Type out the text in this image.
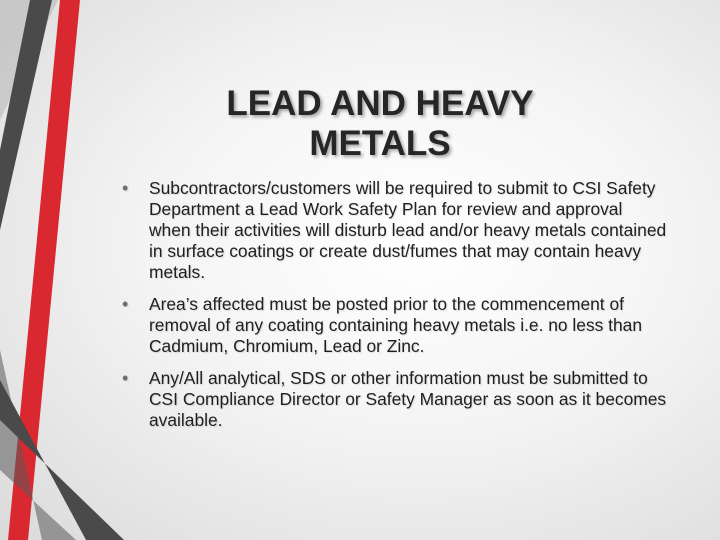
LEAD AND HEAVY METALS
• Subcontractors/customers will be required to submit to CSI Safety Department a Lead Work Safety Plan for review and approval when their activities will disturb lead and/or heavy metals contained in surface coatings or create dust/fumes that may contain heavy metals.
• Area’s affected must be posted prior to the commencement of removal of any coating containing heavy metals i.e. no less than Cadmium, Chromium, Lead or Zinc.
• Any/All analytical, SDS or other information must be submitted to CSI Compliance Director or Safety Manager as soon as it becomes available.
